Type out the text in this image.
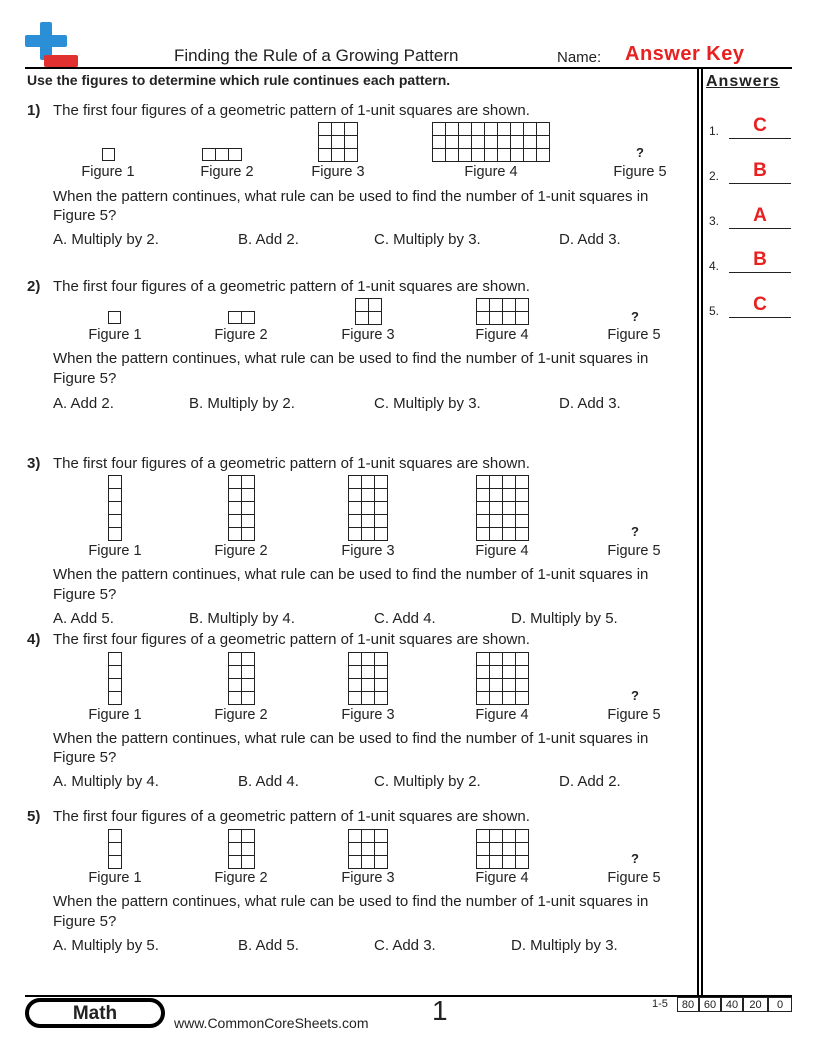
Finding the Rule of a Growing Pattern	Name: Answer Key
Use the figures to determine which rule continues each pattern.	Answers
1) The first four figures of a geometric pattern of 1-unit squares are shown.
?
Figure 1	Figure 2	Figure 3	Figure 4	Figure 5
When the pattern continues, what rule can be used to find the number of 1-unit squares in
Figure 5?
A. Multiply by 2.	B. Add 2.	C. Multiply by 3.	D. Add 3.
2) The first four figures of a geometric pattern of 1-unit squares are shown.
?
Figure 1	Figure 2	Figure 3	Figure 4	Figure 5
When the pattern continues, what rule can be used to find the number of 1-unit squares in
Figure 5?
A. Add 2.	B. Multiply by 2.	C. Multiply by 3.	D. Add 3.
3) The first four figures of a geometric pattern of 1-unit squares are shown.
?
Figure 1	Figure 2	Figure 3	Figure 4	Figure 5
When the pattern continues, what rule can be used to find the number of 1-unit squares in
Figure 5?
A. Add 5.	B. Multiply by 4.	C. Add 4.	D. Multiply by 5.
4) The first four figures of a geometric pattern of 1-unit squares are shown.
?
Figure 1	Figure 2	Figure 3	Figure 4	Figure 5
When the pattern continues, what rule can be used to find the number of 1-unit squares in
Figure 5?
A. Multiply by 4.	B. Add 4.	C. Multiply by 2.	D. Add 2.
5) The first four figures of a geometric pattern of 1-unit squares are shown.
?
Figure 1	Figure 2	Figure 3	Figure 4	Figure 5
When the pattern continues, what rule can be used to find the number of 1-unit squares in
Figure 5?
A. Multiply by 5.	B. Add 5.	C. Add 3.	D. Multiply by 3.
1.	C
2.	B
3.	A
4.	B
5.	C
Math	www.CommonCoreSheets.com 1	1-5	80 60 40	20	0
